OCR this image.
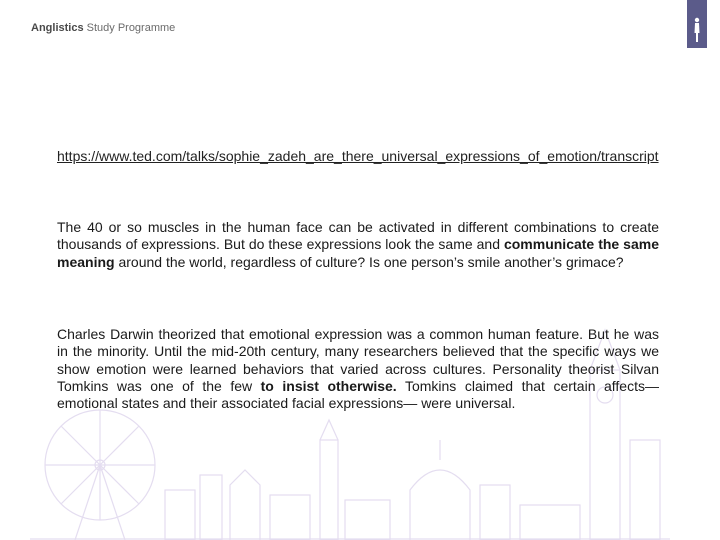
Anglistics Study Programme
https://www.ted.com/talks/sophie_zadeh_are_there_universal_expressions_of_emotion/transcript

The 40 or so muscles in the human face can be activated in different combinations to create thousands of expressions. But do these expressions look the same and communicate the same meaning around the world, regardless of culture? Is one person’s smile another’s grimace?

Charles Darwin theorized that emotional expression was a common human feature. But he was in the minority. Until the mid-20th century, many researchers believed that the specific ways we show emotion were learned behaviors that varied across cultures. Personality theorist Silvan Tomkins was one of the few to insist otherwise. Tomkins claimed that certain affects— emotional states and their associated facial expressions— were universal.
